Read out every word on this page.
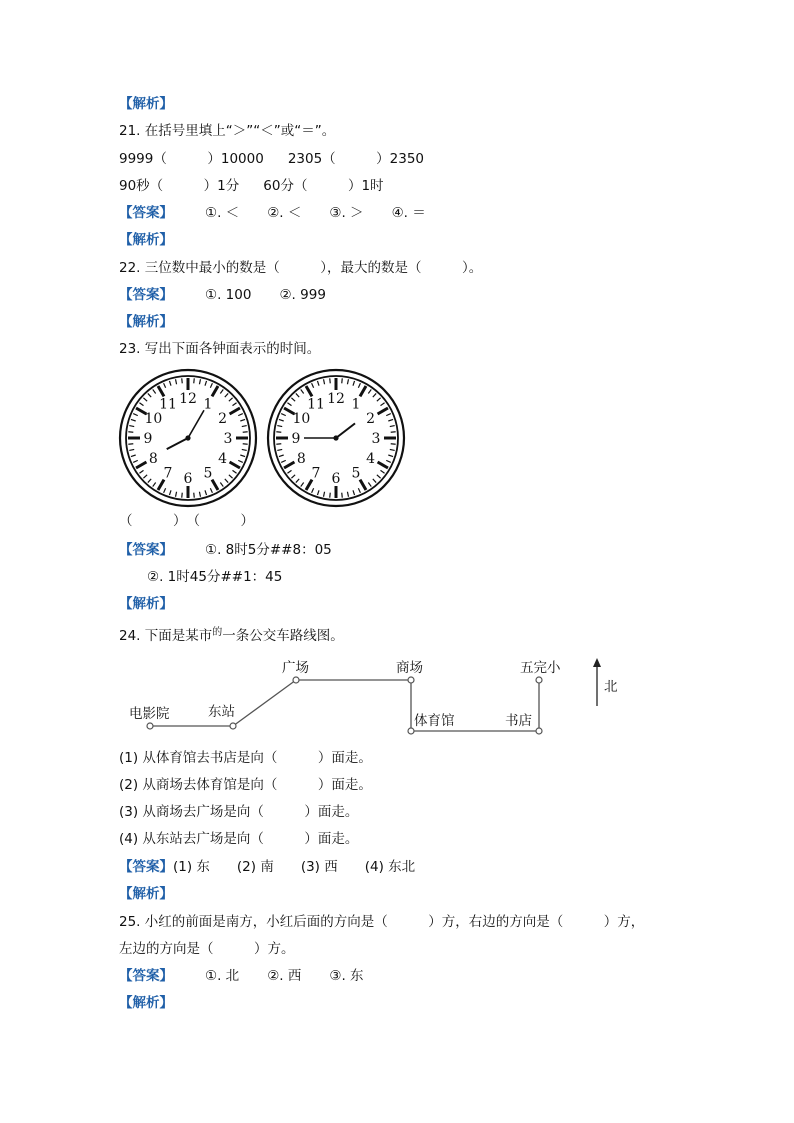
【解析】
21. 在括号里填上“＞”“＜”或“＝”。
9999（　　　）10000 2305（　　　）2350
90秒（　　　）1分 60分（　　　）1时
【答案】 ①. ＜ ②. ＜ ③. ＞ ④. ＝
【解析】
22. 三位数中最小的数是（　　　），最大的数是（　　　）。
【答案】 ①. 100 ②. 999
【解析】
23. 写出下面各钟面表示的时间。
12 1
2
3
4
5
6
7
8
9
10
11	12 1
2
3
4
5
6
7
8
9
10
11
（　　　）　（　　　）
【答案】 ①. 8时5分##8：05
②. 1时45分##1：45
【解析】
24. 下面是某市$^的$一条公交车路线图。
电影院	东站
广场	商场	五完小
体育馆	书店
北
(1) 从体育馆去书店是向（　　　）面走。
(2) 从商场去体育馆是向（　　　）面走。
(3) 从商场去广场是向（　　　）面走。
(4) 从东站去广场是向（　　　）面走。
【答案】(1) 东　　(2) 南　　(3) 西　　(4) 东北
【解析】
25. 小红的前面是南方，小红后面的方向是（　　　）方，右边的方向是（　　　）方，
左边的方向是（　　　）方。
【答案】 ①. 北 ②. 西 ③. 东
【解析】
